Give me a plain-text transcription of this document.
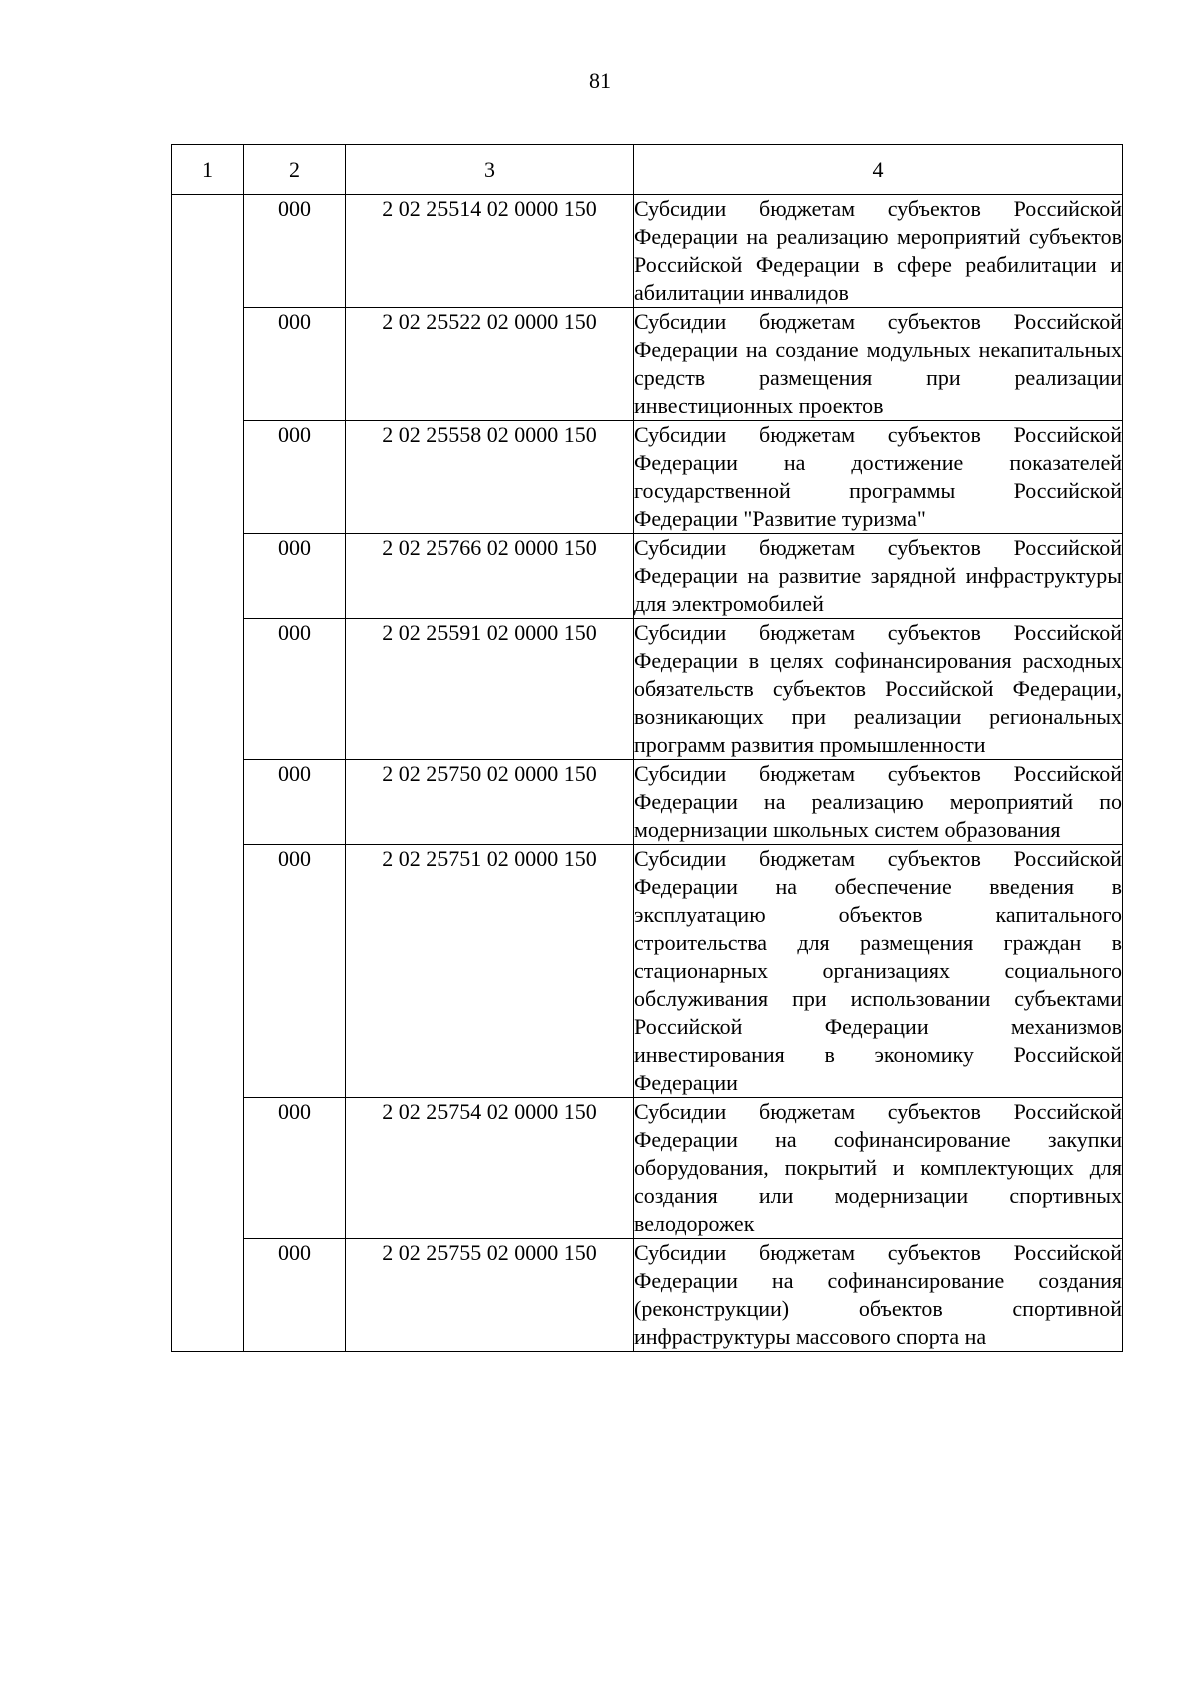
81
1	2	3	4
	000	2 02 25514 02 0000 150	Субсидии бюджетам субъектов Российской Федерации на реализацию мероприятий субъектов Российской Федерации в сфере реабилитации и абилитации инвалидов
	000	2 02 25522 02 0000 150	Субсидии бюджетам субъектов Российской Федерации на создание модульных некапитальных средств размещения при реализации инвестиционных проектов
	000	2 02 25558 02 0000 150	Субсидии бюджетам субъектов Российской Федерации на достижение показателей государственной программы Российской Федерации "Развитие туризма"
	000	2 02 25766 02 0000 150	Субсидии бюджетам субъектов Российской Федерации на развитие зарядной инфраструктуры для электромобилей
	000	2 02 25591 02 0000 150	Субсидии бюджетам субъектов Российской Федерации в целях софинансирования расходных обязательств субъектов Российской Федерации, возникающих при реализации региональных программ развития промышленности
	000	2 02 25750 02 0000 150	Субсидии бюджетам субъектов Российской Федерации на реализацию мероприятий по модернизации школьных систем образования
	000	2 02 25751 02 0000 150	Субсидии бюджетам субъектов Российской Федерации на обеспечение введения в эксплуатацию объектов капитального строительства для размещения граждан в стационарных организациях социального обслуживания при использовании субъектами Российской Федерации механизмов инвестирования в экономику Российской Федерации
	000	2 02 25754 02 0000 150	Субсидии бюджетам субъектов Российской Федерации на софинансирование закупки оборудования, покрытий и комплектующих для создания или модернизации спортивных велодорожек
	000	2 02 25755 02 0000 150	Субсидии бюджетам субъектов Российской Федерации на софинансирование создания (реконструкции) объектов спортивной инфраструктуры массового спорта на
